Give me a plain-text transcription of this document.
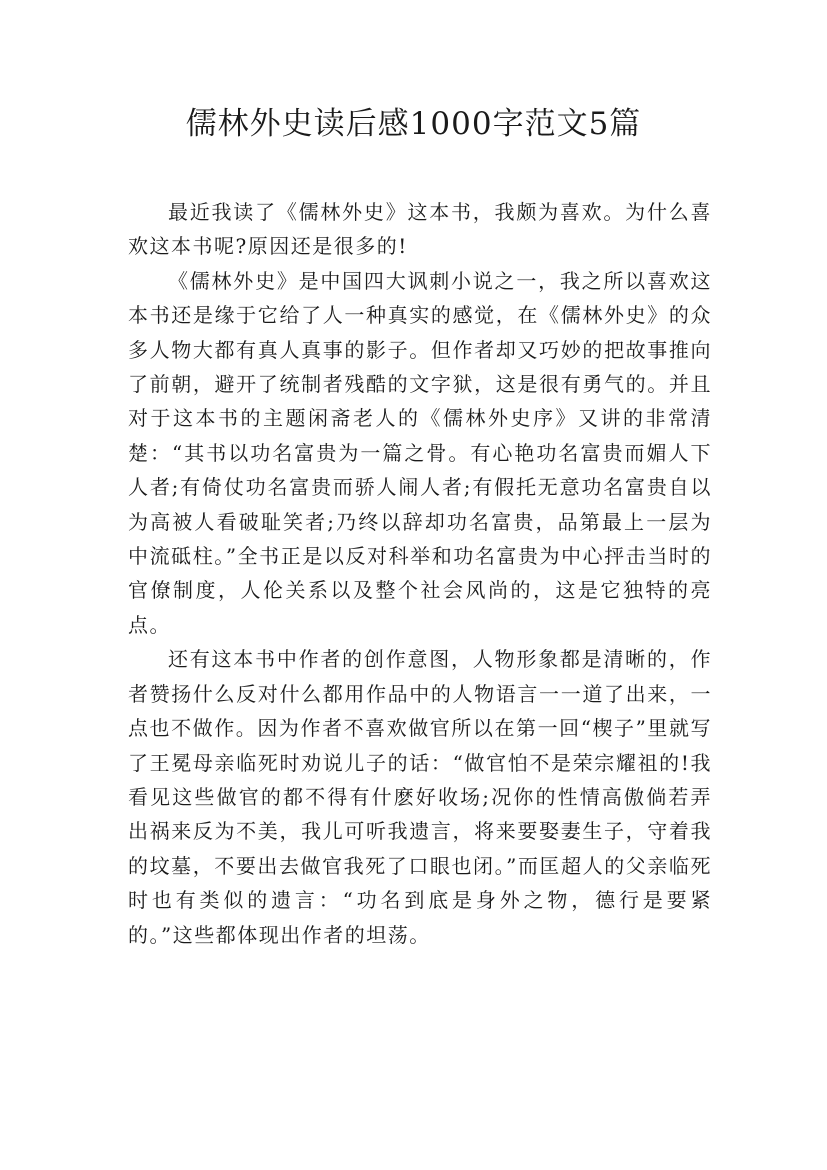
儒林外史读后感1000字范文5篇

最近我读了《儒林外史》这本书，我颇为喜欢。为什么喜欢这本书呢?原因还是很多的!

《儒林外史》是中国四大讽刺小说之一，我之所以喜欢这本书还是缘于它给了人一种真实的感觉，在《儒林外史》的众多人物大都有真人真事的影子。但作者却又巧妙的把故事推向了前朝，避开了统制者残酷的文字狱，这是很有勇气的。并且对于这本书的主题闲斋老人的《儒林外史序》又讲的非常清楚：“其书以功名富贵为一篇之骨。有心艳功名富贵而媚人下人者;有倚仗功名富贵而骄人闹人者;有假托无意功名富贵自以为高被人看破耻笑者;乃终以辞却功名富贵，品第最上一层为中流砥柱。”全书正是以反对科举和功名富贵为中心抨击当时的官僚制度，人伦关系以及整个社会风尚的，这是它独特的亮点。

还有这本书中作者的创作意图，人物形象都是清晰的，作者赞扬什么反对什么都用作品中的人物语言一一道了出来，一点也不做作。因为作者不喜欢做官所以在第一回“楔子”里就写了王冕母亲临死时劝说儿子的话：“做官怕不是荣宗耀祖的!我看见这些做官的都不得有什麽好收场;况你的性情高傲倘若弄出祸来反为不美，我儿可听我遗言，将来要娶妻生子，守着我的坟墓，不要出去做官我死了口眼也闭。”而匡超人的父亲临死时也有类似的遗言：“功名到底是身外之物，德行是要紧的。”这些都体现出作者的坦荡。
